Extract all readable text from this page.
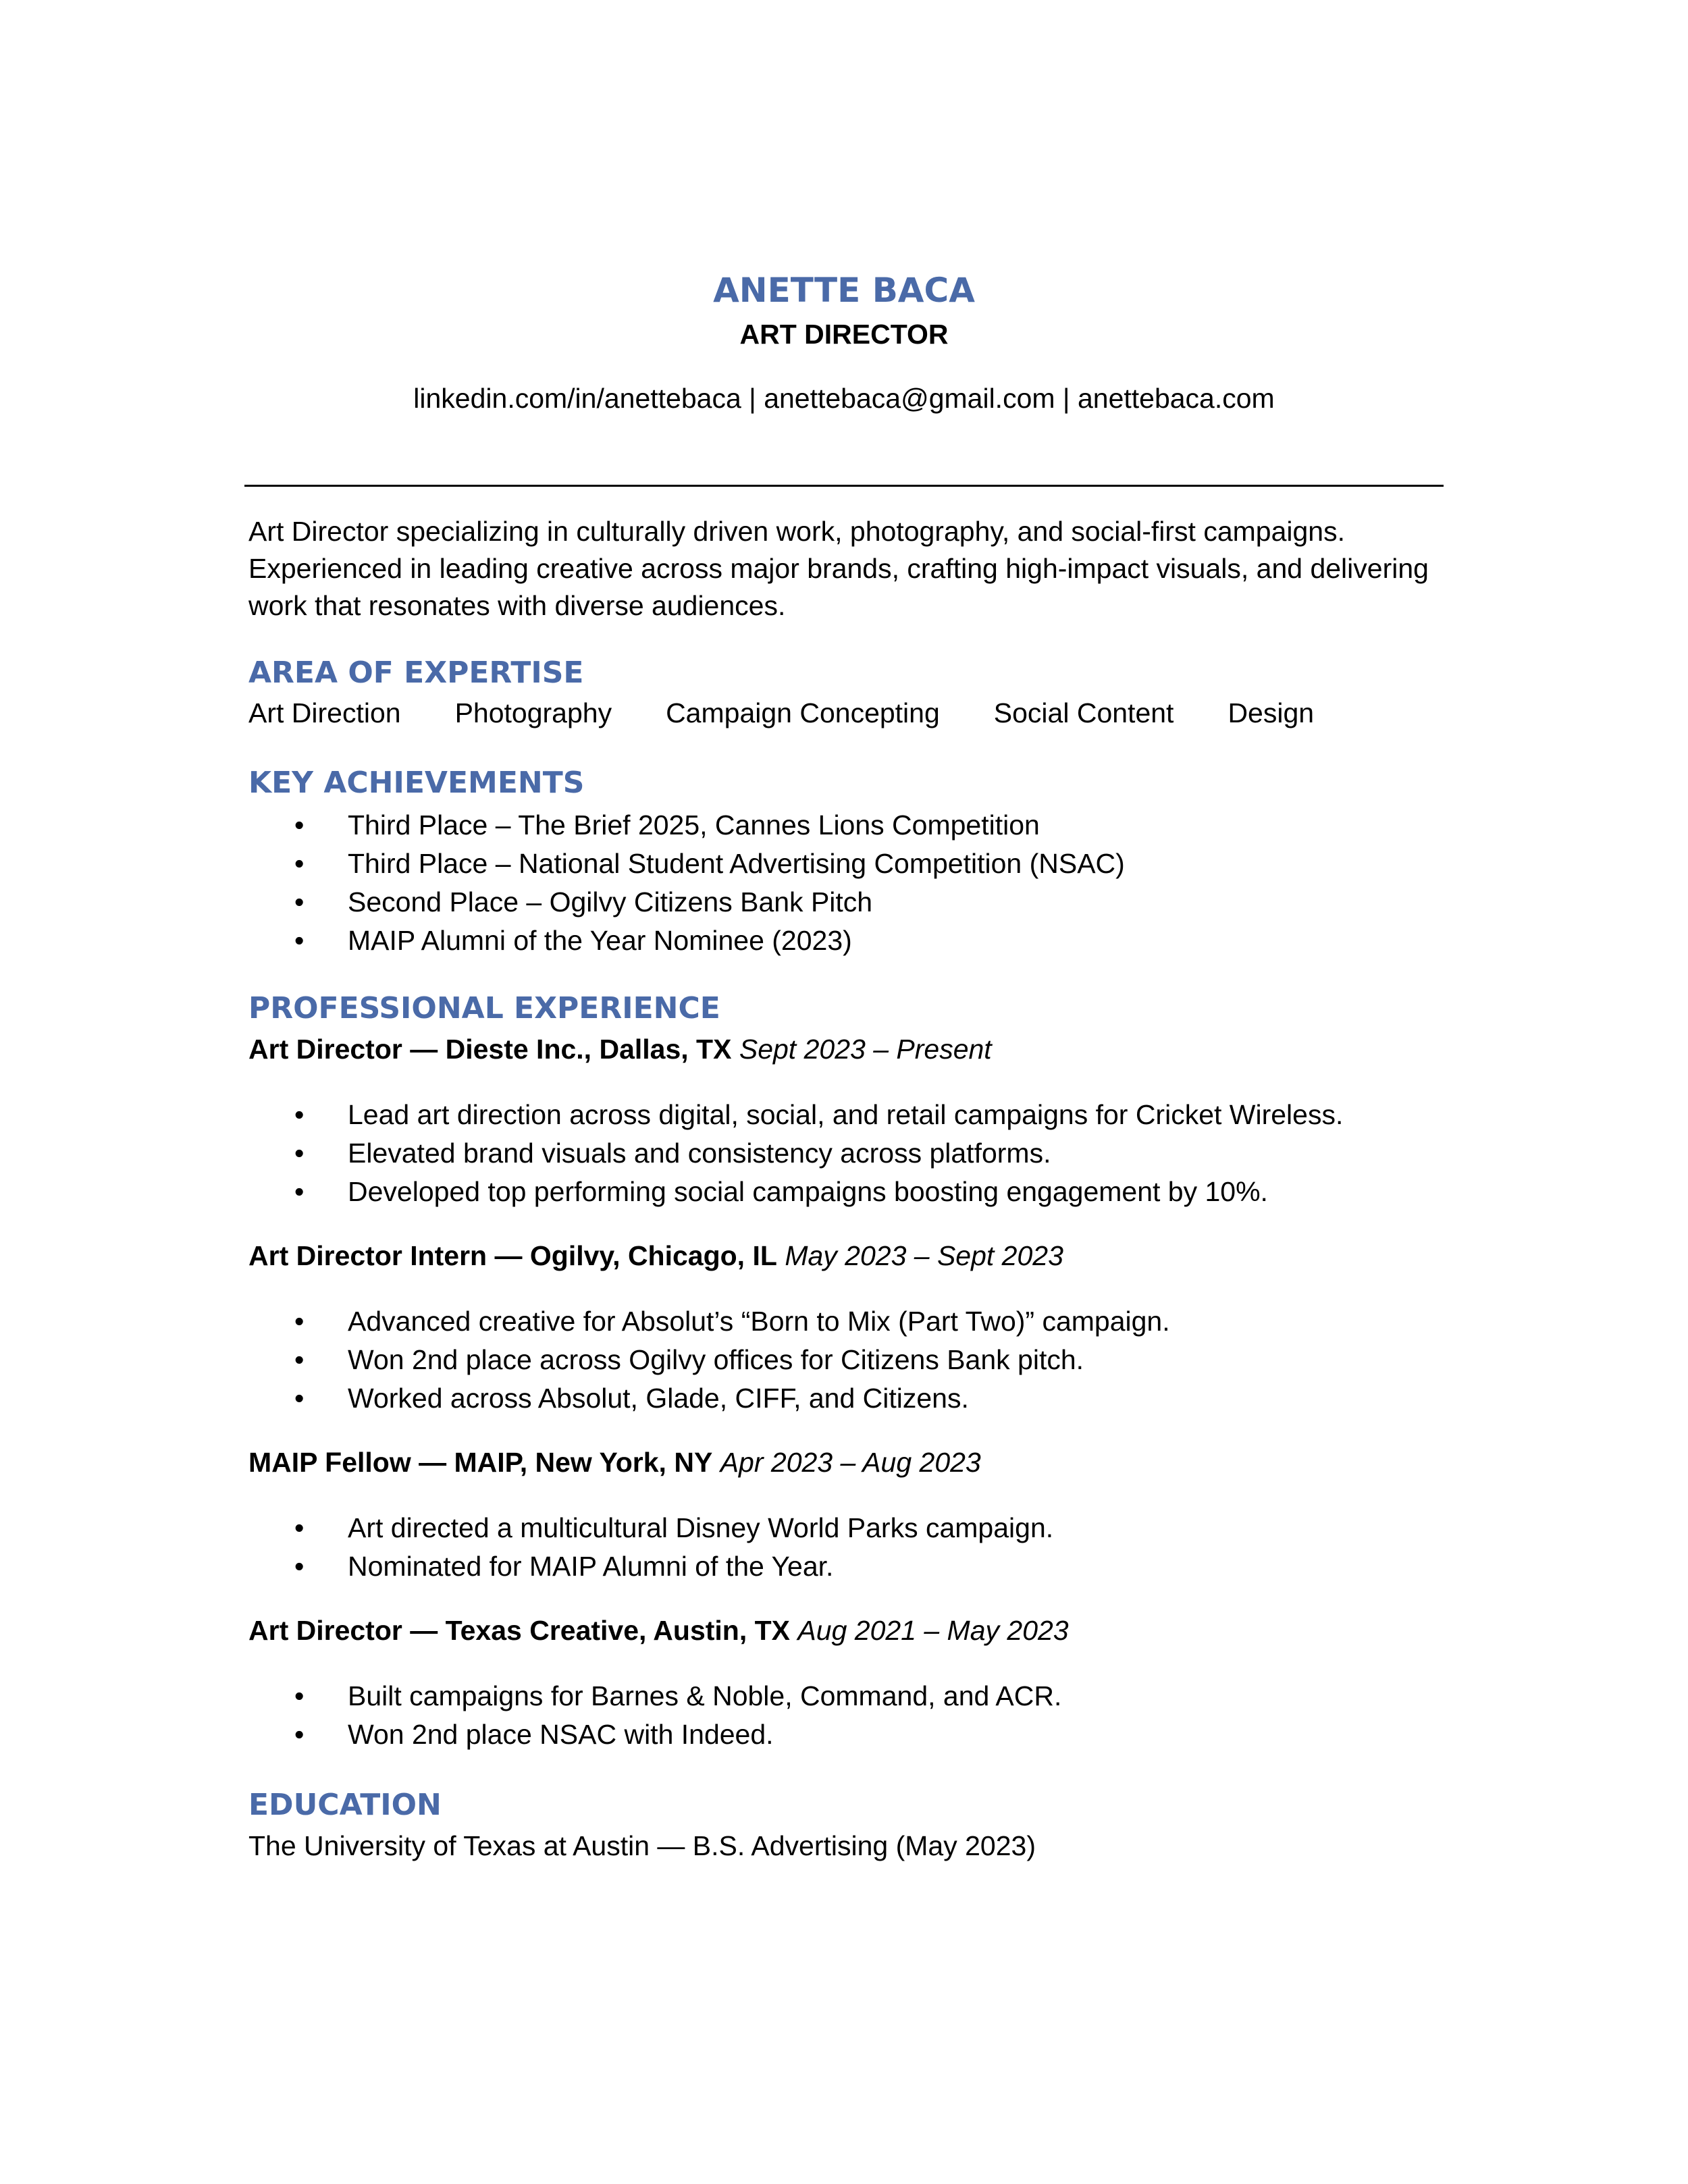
ANETTE BACA
ART DIRECTOR
linkedin.com/in/anettebaca | anettebaca@gmail.com | anettebaca.com

Art Director specializing in culturally driven work, photography, and social-first campaigns. Experienced in leading creative across major brands, crafting high-impact visuals, and delivering work that resonates with diverse audiences.

AREA OF EXPERTISE
Art Direction Photography Campaign Concepting Social Content Design
KEY ACHIEVEMENTS
• Third Place – The Brief 2025, Cannes Lions Competition
• Third Place – National Student Advertising Competition (NSAC)
• Second Place – Ogilvy Citizens Bank Pitch
• MAIP Alumni of the Year Nominee (2023)
PROFESSIONAL EXPERIENCE
Art Director — Dieste Inc., Dallas, TX Sept 2023 – Present
• Lead art direction across digital, social, and retail campaigns for Cricket Wireless.
• Elevated brand visuals and consistency across platforms.
• Developed top performing social campaigns boosting engagement by 10%.
Art Director Intern — Ogilvy, Chicago, IL May 2023 – Sept 2023
• Advanced creative for Absolut’s “Born to Mix (Part Two)” campaign.
• Won 2nd place across Ogilvy offices for Citizens Bank pitch.
• Worked across Absolut, Glade, CIFF, and Citizens.
MAIP Fellow — MAIP, New York, NY Apr 2023 – Aug 2023
• Art directed a multicultural Disney World Parks campaign.
• Nominated for MAIP Alumni of the Year.
Art Director — Texas Creative, Austin, TX Aug 2021 – May 2023
• Built campaigns for Barnes & Noble, Command, and ACR.
• Won 2nd place NSAC with Indeed.
EDUCATION
The University of Texas at Austin — B.S. Advertising (May 2023)
